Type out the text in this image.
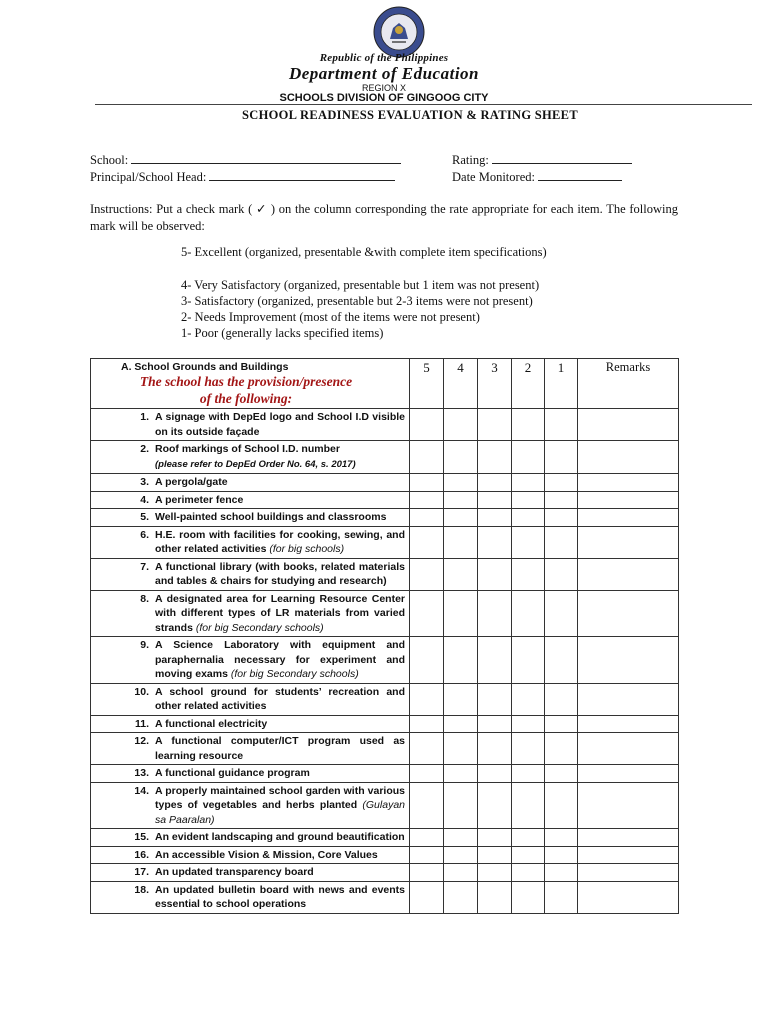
Republic of the Philippines
Department of Education
REGION X
SCHOOLS DIVISION OF GINGOOG CITY
SCHOOL READINESS EVALUATION & RATING SHEET
School:	Rating:
Principal/School Head:	Date Monitored:
Instructions: Put a check mark ( ✓ ) on the column corresponding the rate appropriate for each item. The following mark will be observed:
5- Excellent (organized, presentable &with complete item specifications)
4- Very Satisfactory (organized, presentable but 1 item was not present)
3- Satisfactory (organized, presentable but 2-3 items were not present)
2- Needs Improvement (most of the items were not present)
1- Poor (generally lacks specified items)
A. School Grounds and Buildings
The school has the provision/presence
of the following:	5	4	3	2	1	Remarks

1. A signage with DepEd logo and School I.D visible on its outside façade						

2. Roof markings of School I.D. number
(please refer to DepEd Order No. 64, s. 2017)						

3. A pergola/gate						

4. A perimeter fence						

5. Well-painted school buildings and classrooms						

6. H.E. room with facilities for cooking, sewing, and other related activities (for big schools)						

7. A functional library (with books, related materials and tables & chairs for studying and research)						

8. A designated area for Learning Resource Center with different types of LR materials from varied strands (for big Secondary schools)						

9. A Science Laboratory with equipment and paraphernalia necessary for experiment and moving exams (for big Secondary schools)						

10. A school ground for students’ recreation and other related activities						

11. A functional electricity						

12. A functional computer/ICT program used as learning resource						

13. A functional guidance program						

14. A properly maintained school garden with various types of vegetables and herbs planted (Gulayan sa Paaralan)						

15. An evident landscaping and ground beautification						

16. An accessible Vision & Mission, Core Values						

17. An updated transparency board						

18. An updated bulletin board with news and events essential to school operations						
